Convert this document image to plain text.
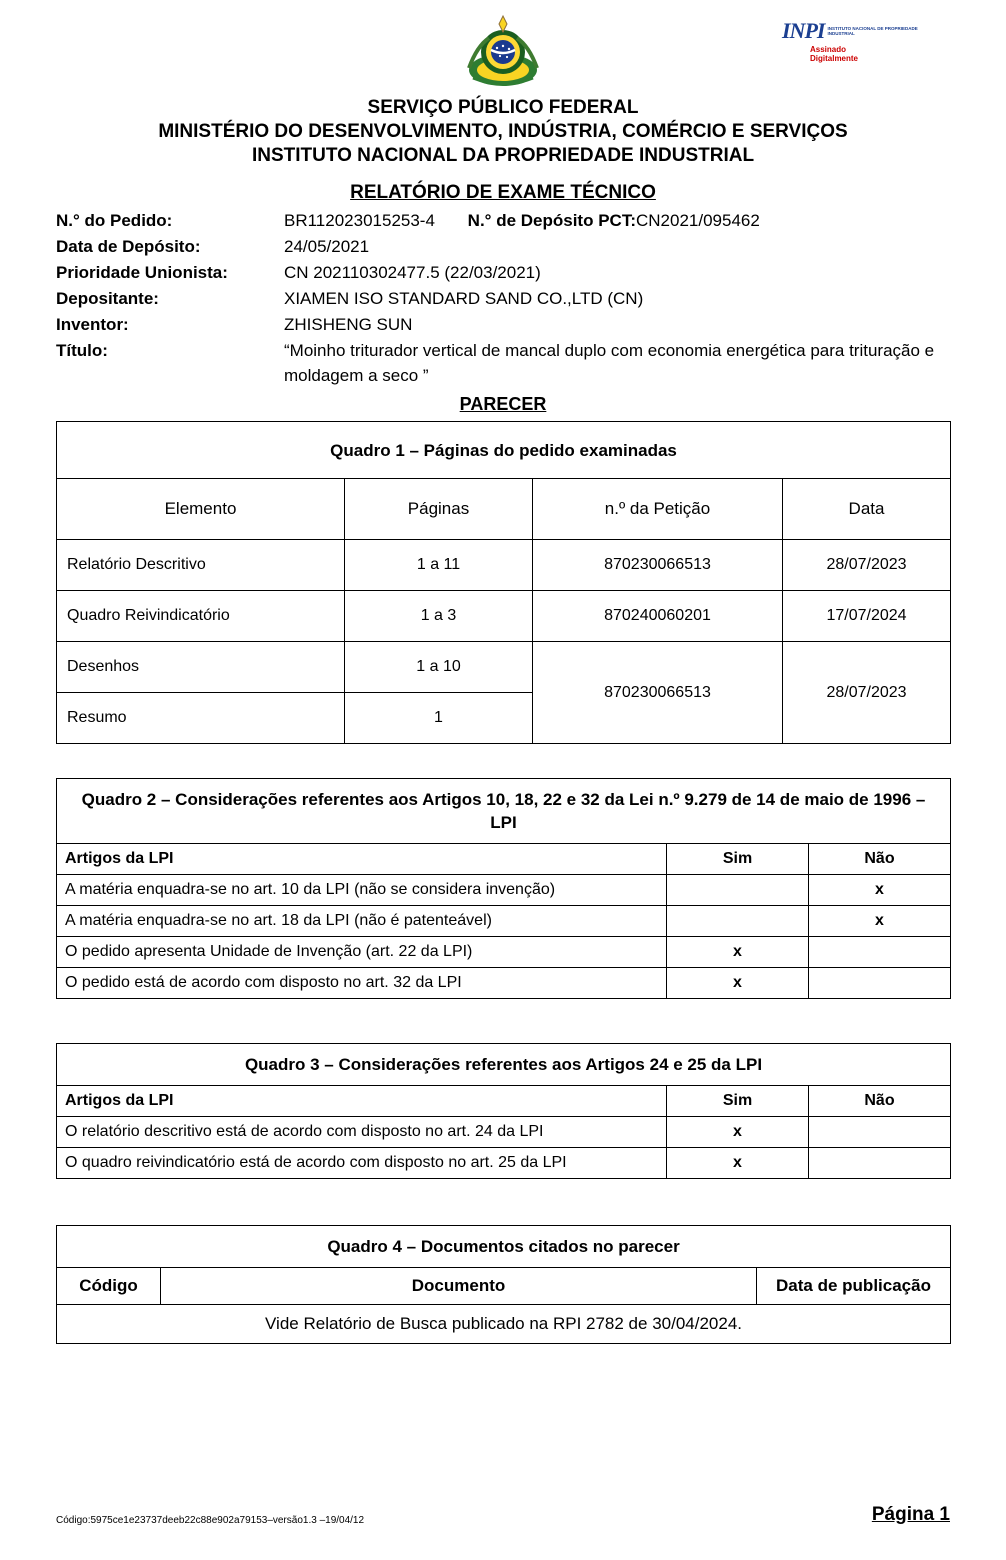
INPI INSTITUTO NACIONAL DE PROPRIEDADE INDUSTRIAL
Assinado
Digitalmente
SERVIÇO PÚBLICO FEDERAL
MINISTÉRIO DO DESENVOLVIMENTO, INDÚSTRIA, COMÉRCIO E SERVIÇOS
INSTITUTO NACIONAL DA PROPRIEDADE INDUSTRIAL
RELATÓRIO DE EXAME TÉCNICO
N.° do Pedido:	BR112023015253-4 N.° de Depósito PCT:CN2021/095462
Data de Depósito:	24/05/2021
Prioridade Unionista:	CN 202110302477.5 (22/03/2021)
Depositante:	XIAMEN ISO STANDARD SAND CO.,LTD (CN)
Inventor:	ZHISHENG SUN
Título:	“Moinho triturador vertical de mancal duplo com economia energética para trituração e moldagem a seco ”
PARECER
Quadro 1 – Páginas do pedido examinadas			
Elemento	Páginas	n.º da Petição	Data
Relatório Descritivo	1 a 11	870230066513	28/07/2023
Quadro Reivindicatório	1 a 3	870240060201	17/07/2024
Desenhos	1 a 10	870230066513	28/07/2023
Resumo	1		
Quadro 2 – Considerações referentes aos Artigos 10, 18, 22 e 32 da Lei n.º 9.279 de 14 de maio de 1996 – LPI		
Artigos da LPI	Sim	Não
A matéria enquadra-se no art. 10 da LPI (não se considera invenção)		x
A matéria enquadra-se no art. 18 da LPI (não é patenteável)		x
O pedido apresenta Unidade de Invenção (art. 22 da LPI)	x	
O pedido está de acordo com disposto no art. 32 da LPI	x	
Quadro 3 – Considerações referentes aos Artigos 24 e 25 da LPI		
Artigos da LPI	Sim	Não
O relatório descritivo está de acordo com disposto no art. 24 da LPI	x	
O quadro reivindicatório está de acordo com disposto no art. 25 da LPI	x	
Quadro 4 – Documentos citados no parecer
Código	Documento	Data de publicação
Vide Relatório de Busca publicado na RPI 2782 de 30/04/2024.
Código:5975ce1e23737deeb22c88e902a79153–versão1.3 –19/04/12	Página 1
